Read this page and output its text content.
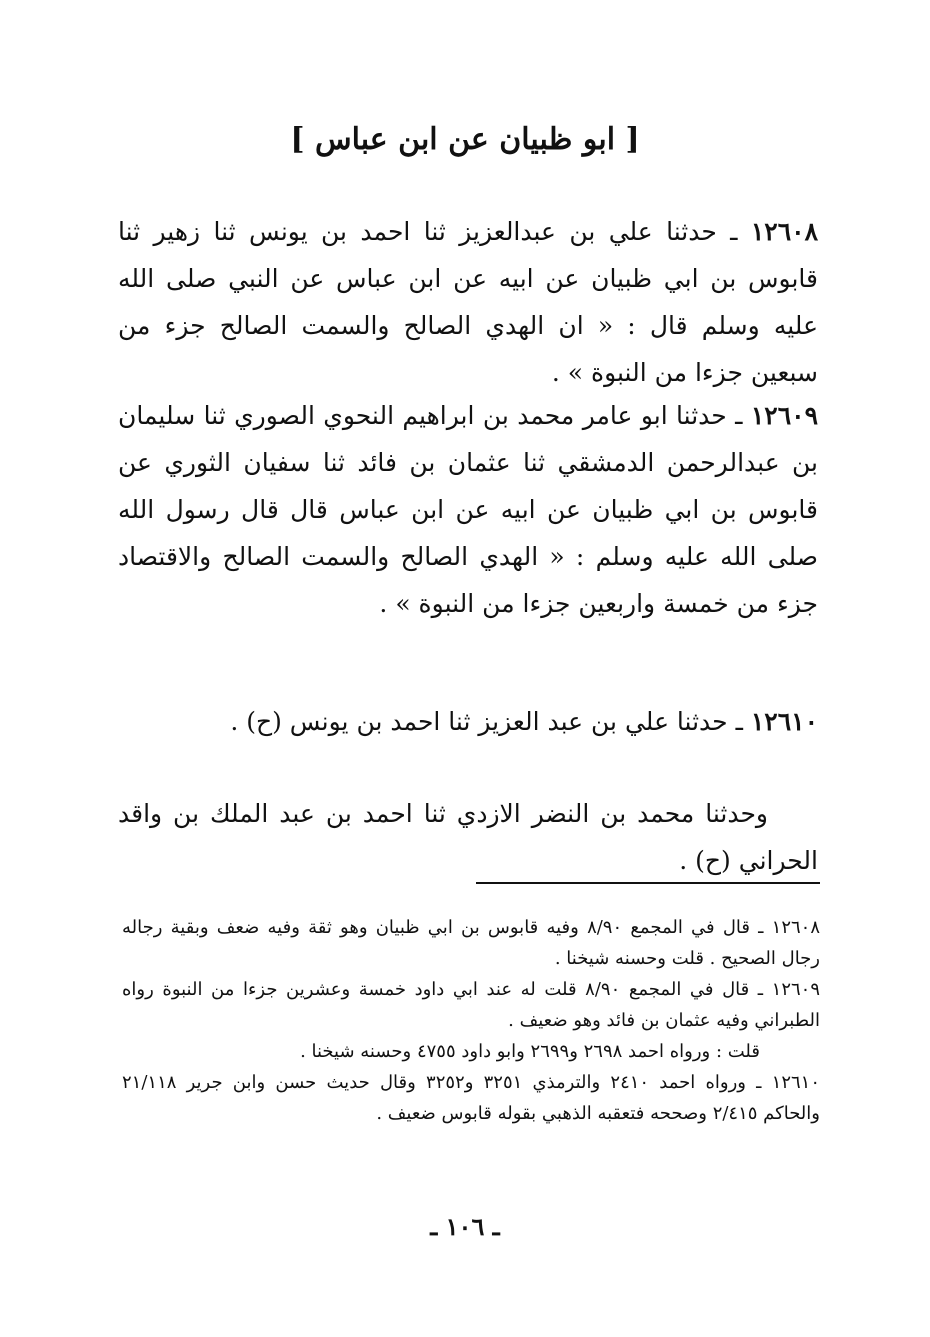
[ ابو ظبيان عن ابن عباس ]

١٢٦٠٨ ـ حدثنا علي بن عبدالعزيز ثنا احمد بن يونس ثنا زهير ثنا قابوس بن ابي ظبيان عن ابيه عن ابن عباس عن النبي صلى الله عليه وسلم قال : « ان الهدي الصالح والسمت الصالح جزء من سبعين جزءا من النبوة » .

١٢٦٠٩ ـ حدثنا ابو عامر محمد بن ابراهيم النحوي الصوري ثنا سليمان بن عبدالرحمن الدمشقي ثنا عثمان بن فائد ثنا سفيان الثوري عن قابوس بن ابي ظبيان عن ابيه عن ابن عباس قال قال رسول الله صلى الله عليه وسلم : « الهدي الصالح والسمت الصالح والاقتصاد جزء من خمسة واربعين جزءا من النبوة » .

١٢٦١٠ ـ حدثنا علي بن عبد العزيز ثنا احمد بن يونس (ح) .

وحدثنا محمد بن النضر الازدي ثنا احمد بن عبد الملك بن واقد الحراني (ح) .

١٢٦٠٨ ـ قال في المجمع ٨/٩٠ وفيه قابوس بن ابي ظبيان وهو ثقة وفيه ضعف وبقية رجاله رجال الصحيح . قلت وحسنه شيخنا .

١٢٦٠٩ ـ قال في المجمع ٨/٩٠ قلت له عند ابي داود خمسة وعشرين جزءا من النبوة رواه الطبراني وفيه عثمان بن فائد وهو ضعيف .

قلت : ورواه احمد ٢٦٩٨ و٢٦٩٩ وابو داود ٤٧٥٥ وحسنه شيخنا .

١٢٦١٠ ـ ورواه احمد ٢٤١٠ والترمذي ٣٢٥١ و٣٢٥٢ وقال حديث حسن وابن جرير ٢١/١١٨ والحاكم ٢/٤١٥ وصححه فتعقبه الذهبي بقوله قابوس ضعيف .

ـ ١٠٦ ـ
